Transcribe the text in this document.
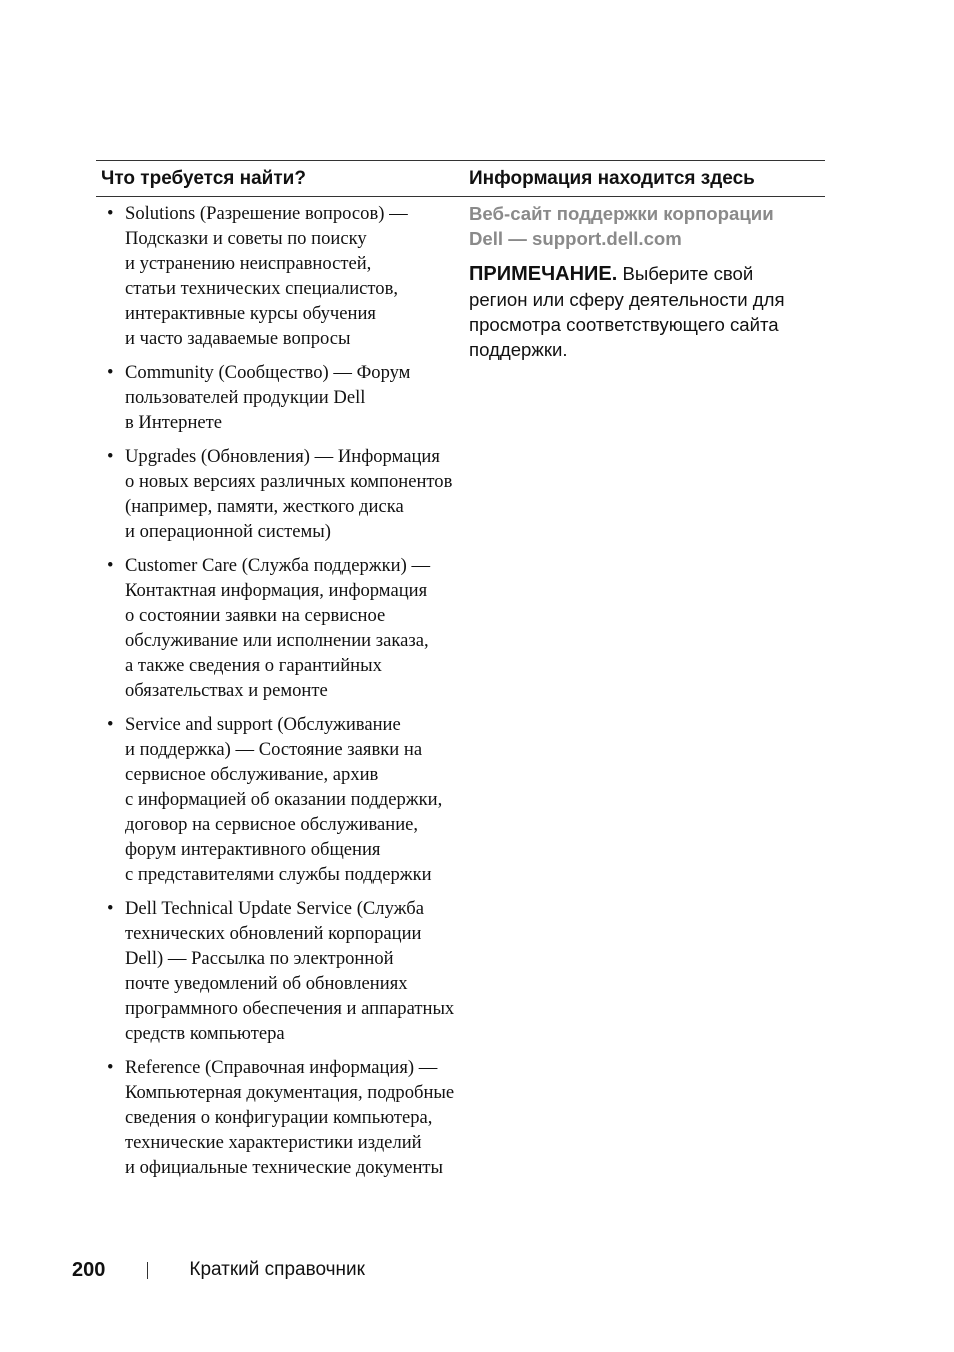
Что требуется найти?	Информация находится здесь
• Solutions (Разрешение вопросов) —
Подсказки и советы по поиску
и устранению неисправностей,
статьи технических специалистов,
интерактивные курсы обучения
и часто задаваемые вопросы
• Community (Сообщество) — Форум
пользователей продукции Dell
в Интернете
• Upgrades (Обновления) — Информация
о новых версиях различных компонентов
(например, памяти, жесткого диска
и операционной системы)
• Customer Care (Служба поддержки) —
Контактная информация, информация
о состоянии заявки на сервисное
обслуживание или исполнении заказа,
а также сведения о гарантийных
обязательствах и ремонте
• Service and support (Обслуживание
и поддержка) — Состояние заявки на
сервисное обслуживание, архив
с информацией об оказании поддержки,
договор на сервисное обслуживание,
форум интерактивного общения
с представителями службы поддержки
• Dell Technical Update Service (Служба
технических обновлений корпорации
Dell) — Рассылка по электронной
почте уведомлений об обновлениях
программного обеспечения и аппаратных
средств компьютера
• Reference (Справочная информация) —
Компьютерная документация, подробные
сведения о конфигурации компьютера,
технические характеристики изделий
и официальные технические документы
Веб-сайт поддержки корпорации
Dell — support.dell.com
ПРИМЕЧАНИЕ. Выберите свой
регион или сферу деятельности для
просмотра соответствующего сайта
поддержки.
200	Краткий справочник
